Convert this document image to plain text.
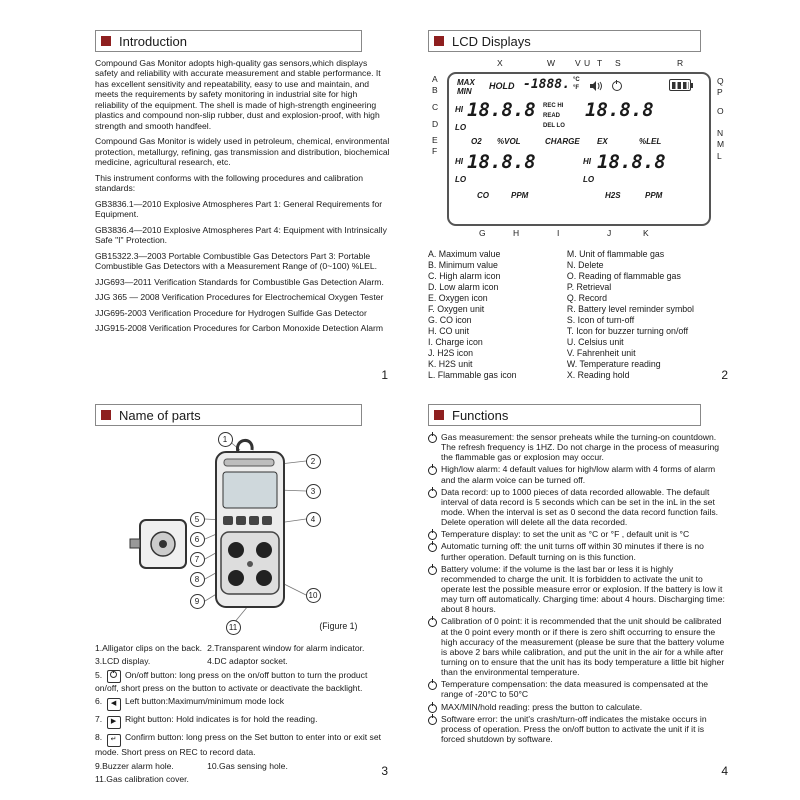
Introduction

Compound Gas Monitor adopts high-quality gas sensors,which displays safety and reliability with accurate measurement and stable performance. It has excellent sensitivity and repeatability, easy to use and maintain, and meets the requirements by safety monitoring in industrial site for high reliability of the equipment. The shell is made of high-strength engineering plastics and compound non-slip rubber, dust and explosion-proof, with high strength and smooth handfeel.

Compound Gas Monitor is widely used in petroleum, chemical, environmental protection, metallurgy, refining, gas transmission and distribution, biochemical medicine, agricultural research, etc.

This instrument conforms with the following procedures and calibration standards:

GB3836.1—2010 Explosive Atmospheres Part 1: General Requirements for Equipment.

GB3836.4—2010 Explosive Atmospheres Part 4: Equipment with Intrinsically Safe "I" Protection.

GB15322.3—2003 Portable Combustible Gas Detectors Part 3: Portable Combustible Gas Detectors with a Measurement Range of (0~100) %LEL.

JJG693—2011 Verification Standards for Combustible Gas Detection Alarm.

JJG 365 — 2008 Verification Procedures for Electrochemical Oxygen Tester

JJG695-2003 Verification Procedure for Hydrogen Sulfide Gas Detector

JJG915-2008 Verification Procedures for Carbon Monoxide Detection Alarm

1
LCD Displays
X	W V U T S	R
A
B
C
D
E
F
Q
P
O
N
M
L
G	H	I	J	K
MAX
MIN
HOLD -1888. °C
°F
HI
LO
18.8.8 REC HI
READ
DEL LO
18.8.8
O2 %VOL	CHARGE EX	%LEL
HI
LO
18.8.8	HI
LO
18.8.8
CO	PPM	H2S	PPM
A. Maximum value	M. Unit of flammable gas
B. Minimum value	N. Delete
C. High alarm icon	O. Reading of flammable gas
D. Low alarm icon	P. Retrieval
E. Oxygen icon	Q. Record
F. Oxygen unit	R. Battery level reminder symbol
G. CO icon	S. Icon of turn-off
H. CO unit	T. Icon for buzzer turning on/off
I. Charge icon	U. Celsius unit
J. H2S icon	V. Fahrenheit unit
K. H2S unit	W. Temperature reading
L. Flammable gas icon	X. Reading hold	2
Name of parts
1
2
3
4
5
6
7
8
9
10
11	(Figure 1)
1.Alligator clips on the back. 2.Transparent window for alarm indicator.
3.LCD display.	4.DC adaptor socket.
5.	On/off button: long press on the on/off button to turn the product on/off, short press on the button to activate or deactivate the backlight.
6. ◀ Left button:Maximum/minimum mode lock
7. ▶ Right button: Hold indicates is for hold the reading.
8. ↵ Confirm button: long press on the Set button to enter into or exit set mode. Short press on REC to record data.
9.Buzzer alarm hole.	10.Gas sensing hole.
11.Gas calibration cover.
3
Functions
Gas measurement: the sensor preheats while the turning-on countdown. The refresh frequency is 1HZ. Do not charge in the process of measuring the flammable gas or explosion may occur.
High/low alarm: 4 default values for high/low alarm with 4 forms of alarm and the alarm voice can be turned off.
Data record: up to 1000 pieces of data recorded allowable. The default interval of data record is 5 seconds which can be set in the inL in the set mode. When the interval is set as 0 second the data record function fails. Delete operation will delete all the data recorded.
Temperature display: to set the unit as °C or °F , default unit is °C
Automatic turning off: the unit turns off within 30 minutes if there is no further operation. Default turning on is this function.
Battery volume: if the volume is the last bar or less it is highly recommended to charge the unit. It is forbidden to activate the unit to operate lest the possible measure error or explosion. If the battery is low it may turn off automatically. Charging time: about 4 hours. Discharging time: about 8 hours.
Calibration of 0 point: it is recommended that the unit should be calibrated at the 0 point every month or if there is zero shift occurring to ensure the high accuracy of the measurement (please be sure that the battery volume is above 2 bars while calibration, and put the unit in the air for a while after turning on to ensure that the unit has its body temperature a little bit higher than the environmental temperature.
Temperature compensation: the data measured is compensated at the range of -20°C to 50°C
MAX/MIN/hold reading: press the button to calculate.
Software error: the unit's crash/turn-off indicates the mistake occurs in process of operation. Press the on/off button to activate the unit if it is forced shutdown by software.
4
